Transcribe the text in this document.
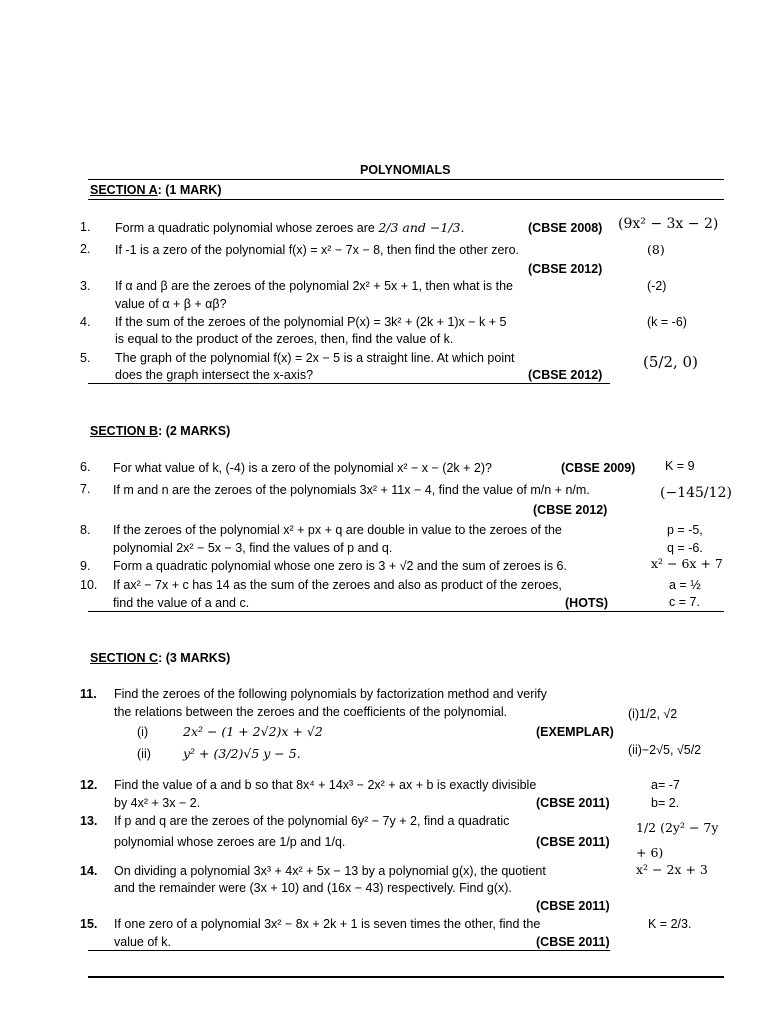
POLYNOMIALS
SECTION A: (1 MARK)
1. Form a quadratic polynomial whose zeroes are 2/3 and −1/3.	(CBSE 2008) (9x² − 3x − 2)
2. If -1 is a zero of the polynomial f(x) = x² − 7x − 8, then find the other zero.	(8)
(CBSE 2012)
3. If α and β are the zeroes of the polynomial 2x² + 5x + 1, then what is the
value of α + β + αβ?
(-2)
4. If the sum of the zeroes of the polynomial P(x) = 3k² + (2k + 1)x − k + 5
is equal to the product of the zeroes, then, find the value of k.
(k = -6)
5. The graph of the polynomial f(x) = 2x − 5 is a straight line. At which point
does the graph intersect the x-axis?	(CBSE 2012)
(5/2, 0)
SECTION B: (2 MARKS)
6. For what value of k, (-4) is a zero of the polynomial x² − x − (2k + 2)?	(CBSE 2009) K = 9
7. If m and n are the zeroes of the polynomials 3x² + 11x − 4, find the value of m/n + n/m.
(CBSE 2012)
(−145/12)
8. If the zeroes of the polynomial x² + px + q are double in value to the zeroes of the
polynomial 2x² − 5x − 3, find the values of p and q.
p = -5,
q = -6.
9. Form a quadratic polynomial whose one zero is 3 + √2 and the sum of zeroes is 6.	x² − 6x + 7
10. If ax² − 7x + c has 14 as the sum of the zeroes and also as product of the zeroes,
find the value of a and c.	(HOTS)
a = ½
c = 7.
SECTION C: (3 MARKS)
11. Find the zeroes of the following polynomials by factorization method and verify
the relations between the zeroes and the coefficients of the polynomial.	(i)1/2, √2
(i)	2x² − (1 + 2√2)x + √2	(EXEMPLAR)
(ii)	y² + (3/2)√5 y − 5.	(ii)−2√5, √5/2
12. Find the value of a and b so that 8x⁴ + 14x³ − 2x² + ax + b is exactly divisible
by 4x² + 3x − 2.	(CBSE 2011)
a= -7
b= 2.
13. If p and q are the zeroes of the polynomial 6y² − 7y + 2, find a quadratic
polynomial whose zeroes are 1/p and 1/q.	(CBSE 2011)
1/2 (2y² − 7y
+ 6)
14. On dividing a polynomial 3x³ + 4x² + 5x − 13 by a polynomial g(x), the quotient
and the remainder were (3x + 10) and (16x − 43) respectively. Find g(x).
(CBSE 2011)
x² − 2x + 3
15. If one zero of a polynomial 3x² − 8x + 2k + 1 is seven times the other, find the
value of k.	(CBSE 2011)
K = 2/3.
